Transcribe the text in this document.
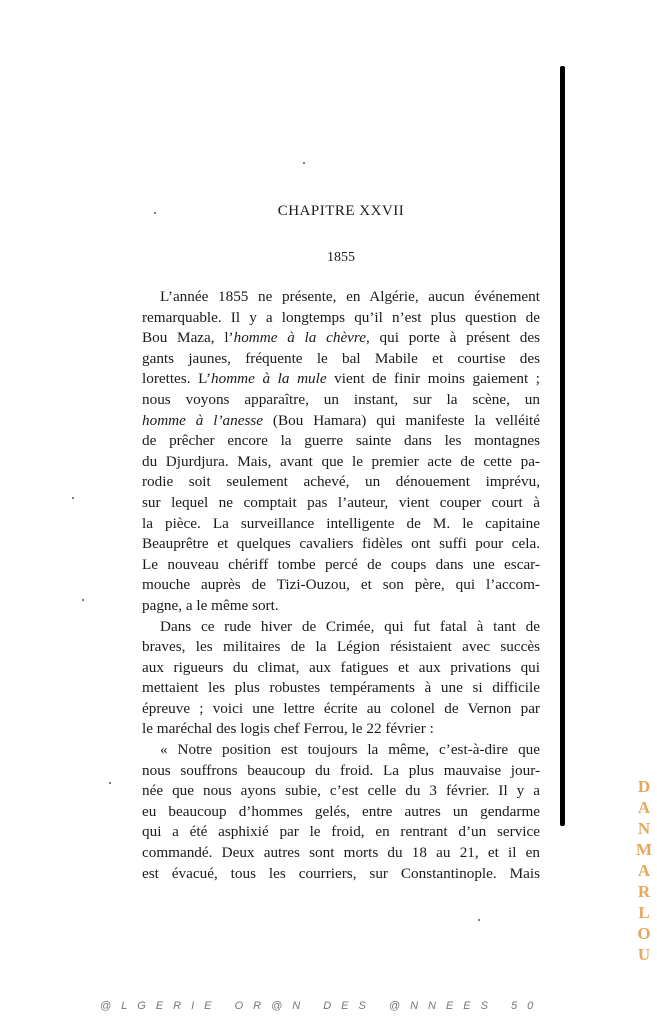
CHAPITRE XXVII
1855
L’année 1855 ne présente, en Algérie, aucun événement
remarquable. Il y a longtemps qu’il n’est plus question de
Bou Maza, l’homme à la chèvre, qui porte à présent des
gants jaunes, fréquente le bal Mabile et courtise des
lorettes. L’homme à la mule vient de finir moins gaiement ;
nous voyons apparaître, un instant, sur la scène, un
homme à l’anesse (Bou Hamara) qui manifeste la velléité
de prêcher encore la guerre sainte dans les montagnes
du Djurdjura. Mais, avant que le premier acte de cette pa-
rodie soit seulement achevé, un dénouement imprévu,
sur lequel ne comptait pas l’auteur, vient couper court à
la pièce. La surveillance intelligente de M. le capitaine
Beauprêtre et quelques cavaliers fidèles ont suffi pour cela.
Le nouveau chériff tombe percé de coups dans une escar-
mouche auprès de Tizi-Ouzou, et son père, qui l’accom-
pagne, a le même sort.
Dans ce rude hiver de Crimée, qui fut fatal à tant de
braves, les militaires de la Légion résistaient avec succès
aux rigueurs du climat, aux fatigues et aux privations qui
mettaient les plus robustes tempéraments à une si difficile
épreuve ; voici une lettre écrite au colonel de Vernon par
le maréchal des logis chef Ferrou, le 22 février :
« Notre position est toujours la même, c’est-à-dire que
nous souffrons beaucoup du froid. La plus mauvaise jour-
née que nous ayons subie, c’est celle du 3 février. Il y a
eu beaucoup d’hommes gelés, entre autres un gendarme
qui a été asphixié par le froid, en rentrant d’un service
commandé. Deux autres sont morts du 18 au 21, et il en
est évacué, tous les courriers, sur Constantinople. Mais
D
A
N
M
A
R
L
O
U
@LGERIE OR@N DES @NNEES 50
